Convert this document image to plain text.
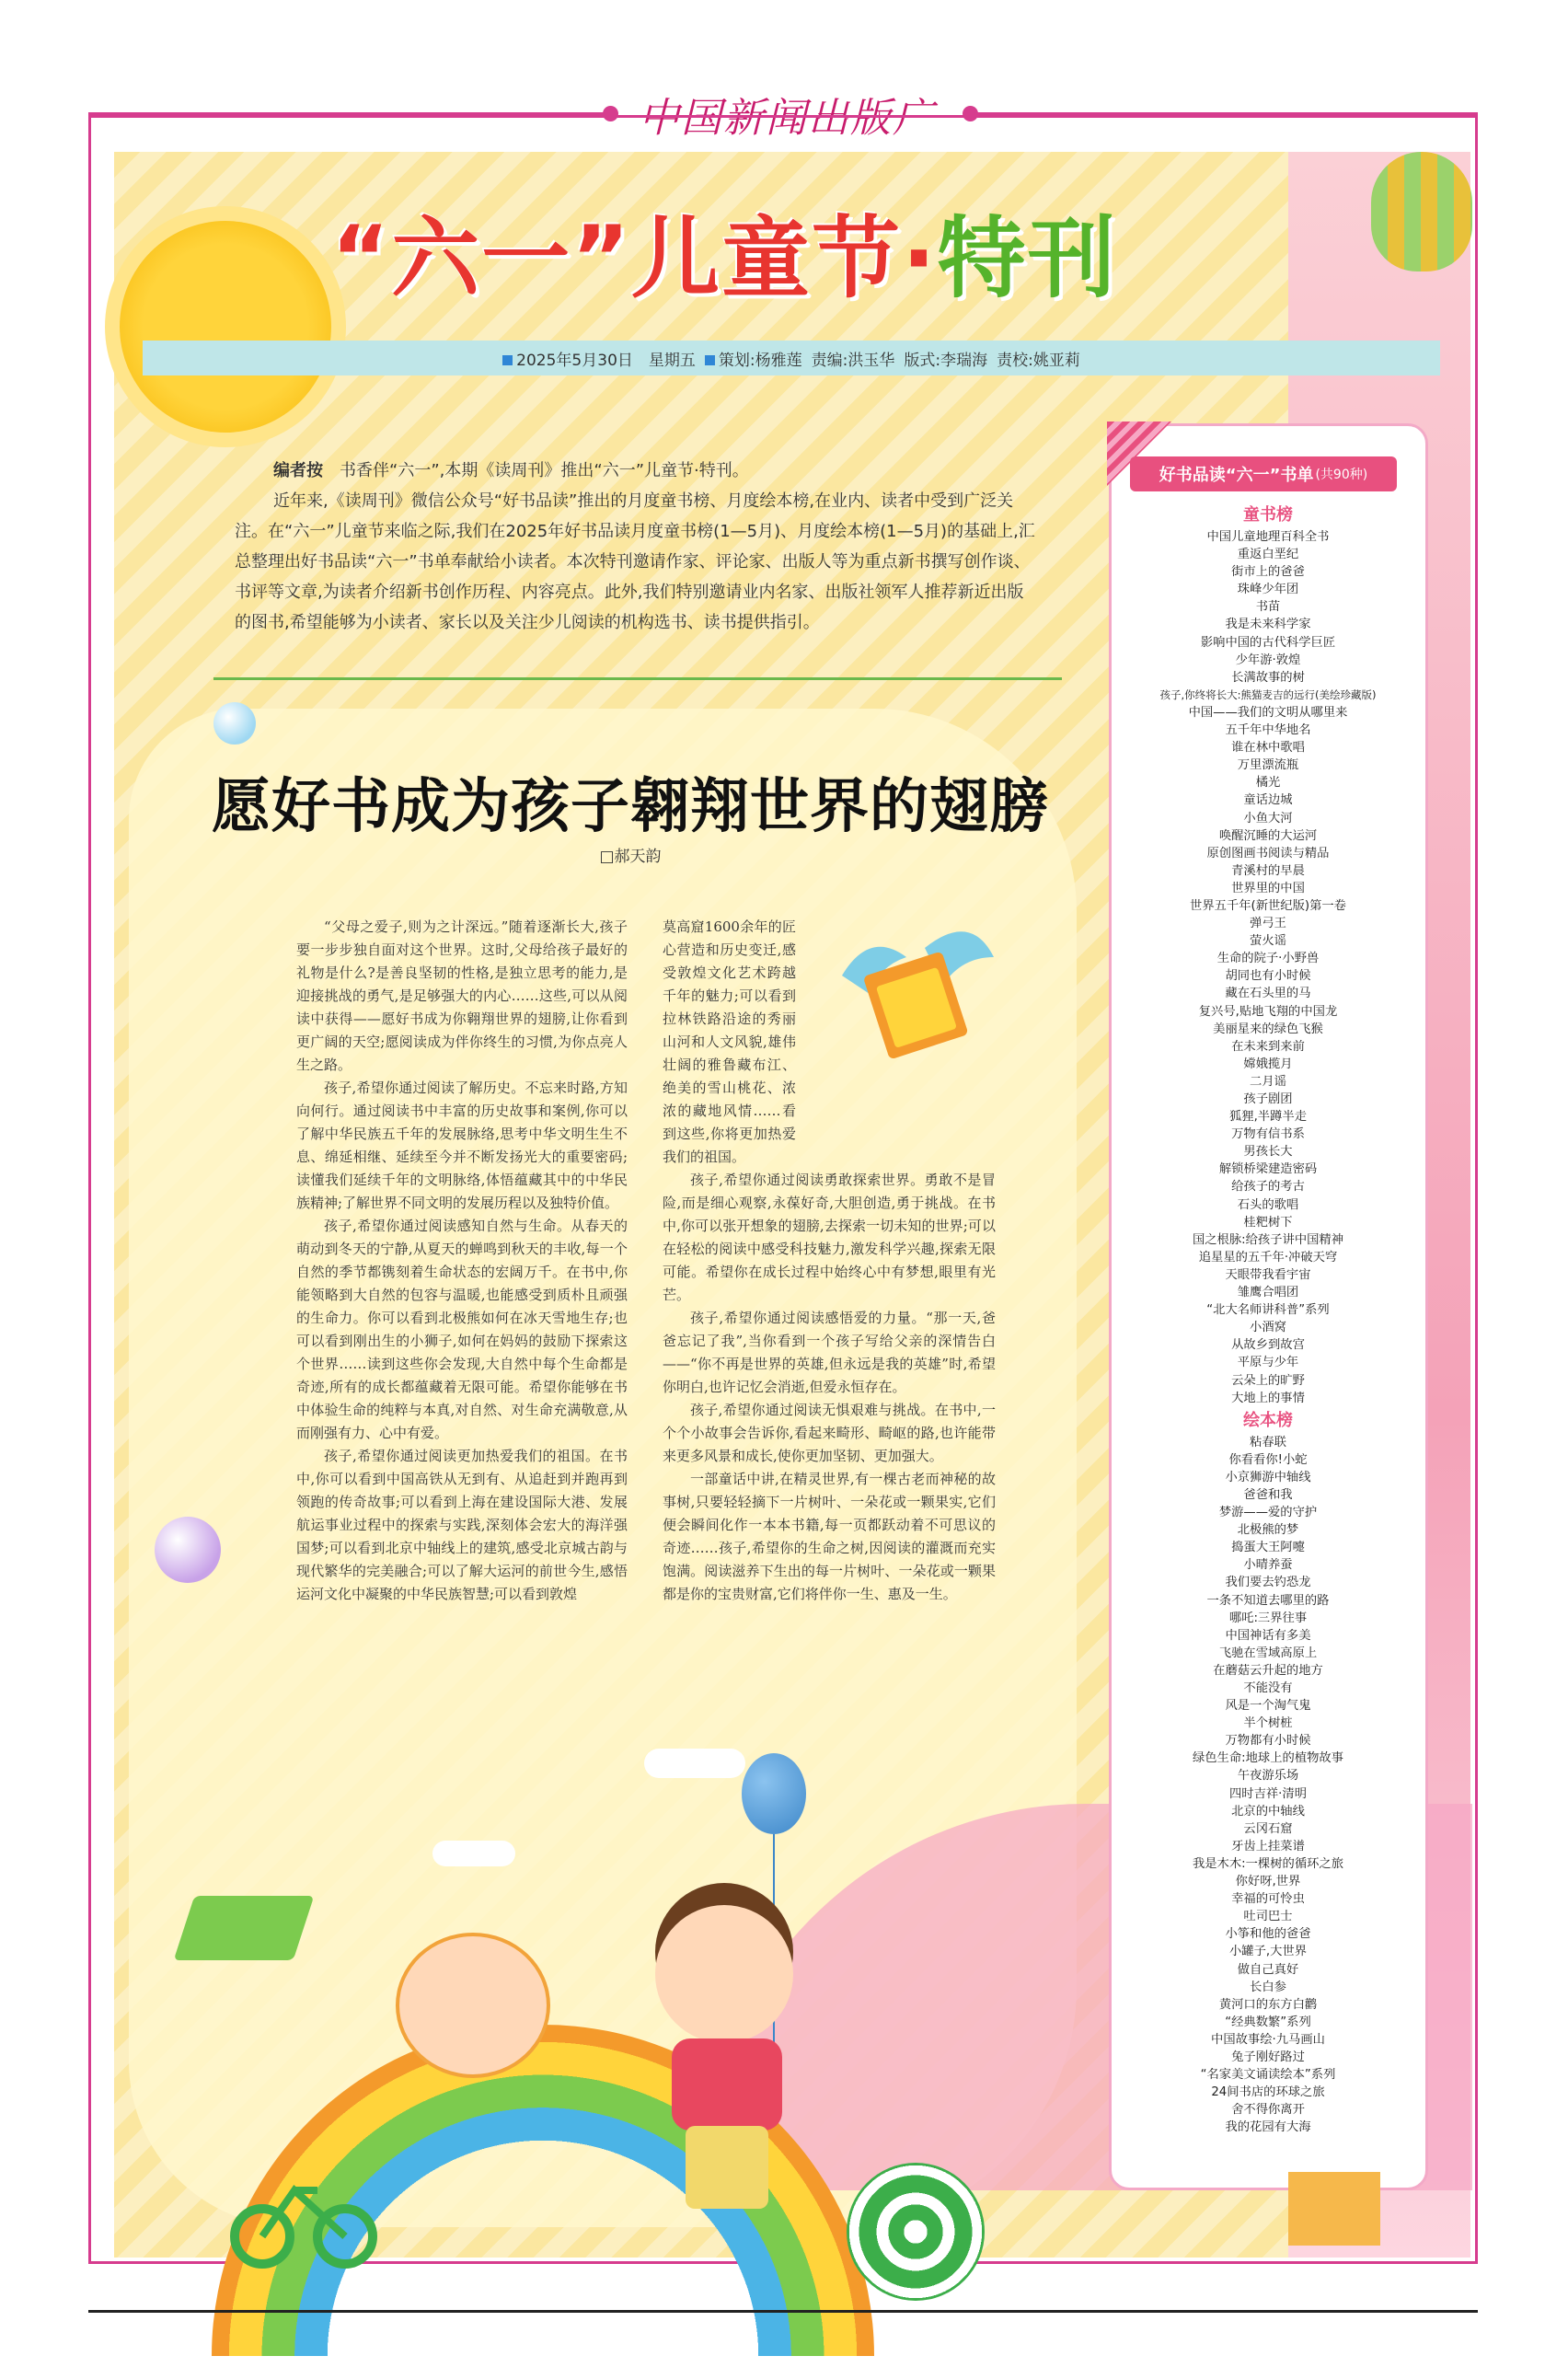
中国新闻出版广
“六一”儿童节·特刊
2025年5月30日　星期五	策划:杨雅莲 责编:洪玉华 版式:李瑞海 责校:姚亚莉

编者按　 书香伴“六一”,本期《读周刊》推出“六一”儿童节·特刊。

近年来,《读周刊》微信公众号“好书品读”推出的月度童书榜、月度绘本榜,在业内、读者中受到广泛关注。在“六一”儿童节来临之际,我们在2025年好书品读月度童书榜(1—5月)、月度绘本榜(1—5月)的基础上,汇总整理出好书品读“六一”书单奉献给小读者。本次特刊邀请作家、评论家、出版人等为重点新书撰写创作谈、书评等文章,为读者介绍新书创作历程、内容亮点。此外,我们特别邀请业内名家、出版社领军人推荐新近出版的图书,希望能够为小读者、家长以及关注少儿阅读的机构选书、读书提供指引。

愿好书成为孩子翱翔世界的翅膀
□郝天韵

“父母之爱子,则为之计深远。”随着逐渐长大,孩子要一步步独自面对这个世界。这时,父母给孩子最好的礼物是什么?是善良坚韧的性格,是独立思考的能力,是迎接挑战的勇气,是足够强大的内心……这些,可以从阅读中获得——愿好书成为你翱翔世界的翅膀,让你看到更广阔的天空;愿阅读成为伴你终生的习惯,为你点亮人生之路。

孩子,希望你通过阅读了解历史。不忘来时路,方知向何行。通过阅读书中丰富的历史故事和案例,你可以了解中华民族五千年的发展脉络,思考中华文明生生不息、绵延相继、延续至今并不断发扬光大的重要密码;读懂我们延续千年的文明脉络,体悟蕴藏其中的中华民族精神;了解世界不同文明的发展历程以及独特价值。

孩子,希望你通过阅读感知自然与生命。从春天的萌动到冬天的宁静,从夏天的蝉鸣到秋天的丰收,每一个自然的季节都镌刻着生命状态的宏阔万千。在书中,你能领略到大自然的包容与温暖,也能感受到质朴且顽强的生命力。你可以看到北极熊如何在冰天雪地生存;也可以看到刚出生的小狮子,如何在妈妈的鼓励下探索这个世界……读到这些你会发现,大自然中每个生命都是奇迹,所有的成长都蕴藏着无限可能。希望你能够在书中体验生命的纯粹与本真,对自然、对生命充满敬意,从而刚强有力、心中有爱。

孩子,希望你通过阅读更加热爱我们的祖国。在书中,你可以看到中国高铁从无到有、从追赶到并跑再到领跑的传奇故事;可以看到上海在建设国际大港、发展航运事业过程中的探索与实践,深刻体会宏大的海洋强国梦;可以看到北京中轴线上的建筑,感受北京城古韵与现代繁华的完美融合;可以了解大运河的前世今生,感悟运河文化中凝聚的中华民族智慧;可以看到敦煌

莫高窟1600余年的匠心营造和历史变迁,感受敦煌文化艺术跨越千年的魅力;可以看到拉林铁路沿途的秀丽山河和人文风貌,雄伟壮阔的雅鲁藏布江、绝美的雪山桃花、浓浓的藏地风情……看到这些,你将更加热爱我们的祖国。

孩子,希望你通过阅读勇敢探索世界。勇敢不是冒险,而是细心观察,永葆好奇,大胆创造,勇于挑战。在书中,你可以张开想象的翅膀,去探索一切未知的世界;可以在轻松的阅读中感受科技魅力,激发科学兴趣,探索无限可能。希望你在成长过程中始终心中有梦想,眼里有光芒。

孩子,希望你通过阅读感悟爱的力量。“那一天,爸爸忘记了我”,当你看到一个孩子写给父亲的深情告白——“你不再是世界的英雄,但永远是我的英雄”时,希望你明白,也许记忆会消逝,但爱永恒存在。

孩子,希望你通过阅读无惧艰难与挑战。在书中,一个个小故事会告诉你,看起来畸形、畸岖的路,也许能带来更多风景和成长,使你更加坚韧、更加强大。

一部童话中讲,在精灵世界,有一棵古老而神秘的故事树,只要轻轻摘下一片树叶、一朵花或一颗果实,它们便会瞬间化作一本本书籍,每一页都跃动着不可思议的奇迹……孩子,希望你的生命之树,因阅读的灌溉而充实饱满。阅读滋养下生出的每一片树叶、一朵花或一颗果都是你的宝贵财富,它们将伴你一生、惠及一生。

好书品读“六一”书单 (共90种)
童书榜
中国儿童地理百科全书
重返白垩纪
街市上的爸爸
珠峰少年团
书苗
我是未来科学家
影响中国的古代科学巨匠
少年游·敦煌
长满故事的树
孩子,你终将长大:熊猫麦吉的远行(美绘珍藏版)
中国——我们的文明从哪里来
五千年中华地名
谁在林中歌唱
万里漂流瓶
橘光
童话边城
小鱼大河
唤醒沉睡的大运河
原创图画书阅读与精品
青溪村的早晨
世界里的中国
世界五千年(新世纪版)第一卷
弹弓王
萤火谣
生命的院子·小野兽
胡同也有小时候
藏在石头里的马
复兴号,贴地飞翔的中国龙
美丽星来的绿色飞猴
在未来到来前
嫦娥揽月
二月谣
孩子剧团
狐狸,半蹲半走
万物有信书系
男孩长大
解锁桥梁建造密码
给孩子的考古
石头的歌唱
桂粑树下
国之根脉:给孩子讲中国精神
追星星的五千年·冲破天穹
天眼带我看宇宙
雏鹰合唱团
“北大名师讲科普”系列
小酒窝
从故乡到故宫
平原与少年
云朵上的旷野
大地上的事情
绘本榜
粘春联
你看看你!小蛇
小京狮游中轴线
爸爸和我
梦游——爱的守护
北极熊的梦
捣蛋大王阿嚏
小晴养蚕
我们要去钓恐龙
一条不知道去哪里的路
哪吒:三界往事
中国神话有多美
飞驰在雪域高原上
在蘑菇云升起的地方
不能没有
风是一个淘气鬼
半个树桩
万物都有小时候
绿色生命:地球上的植物故事
午夜游乐场
四时吉祥·清明
北京的中轴线
云冈石窟
牙齿上挂菜谱
我是木木:一棵树的循环之旅
你好呀,世界
幸福的可怜虫
吐司巴士
小筝和他的爸爸
小罐子,大世界
做自己真好
长白参
黄河口的东方白鹳
“经典数繁”系列
中国故事绘·九马画山
兔子刚好路过
“名家美文诵读绘本”系列
24间书店的环球之旅
舍不得你离开
我的花园有大海
